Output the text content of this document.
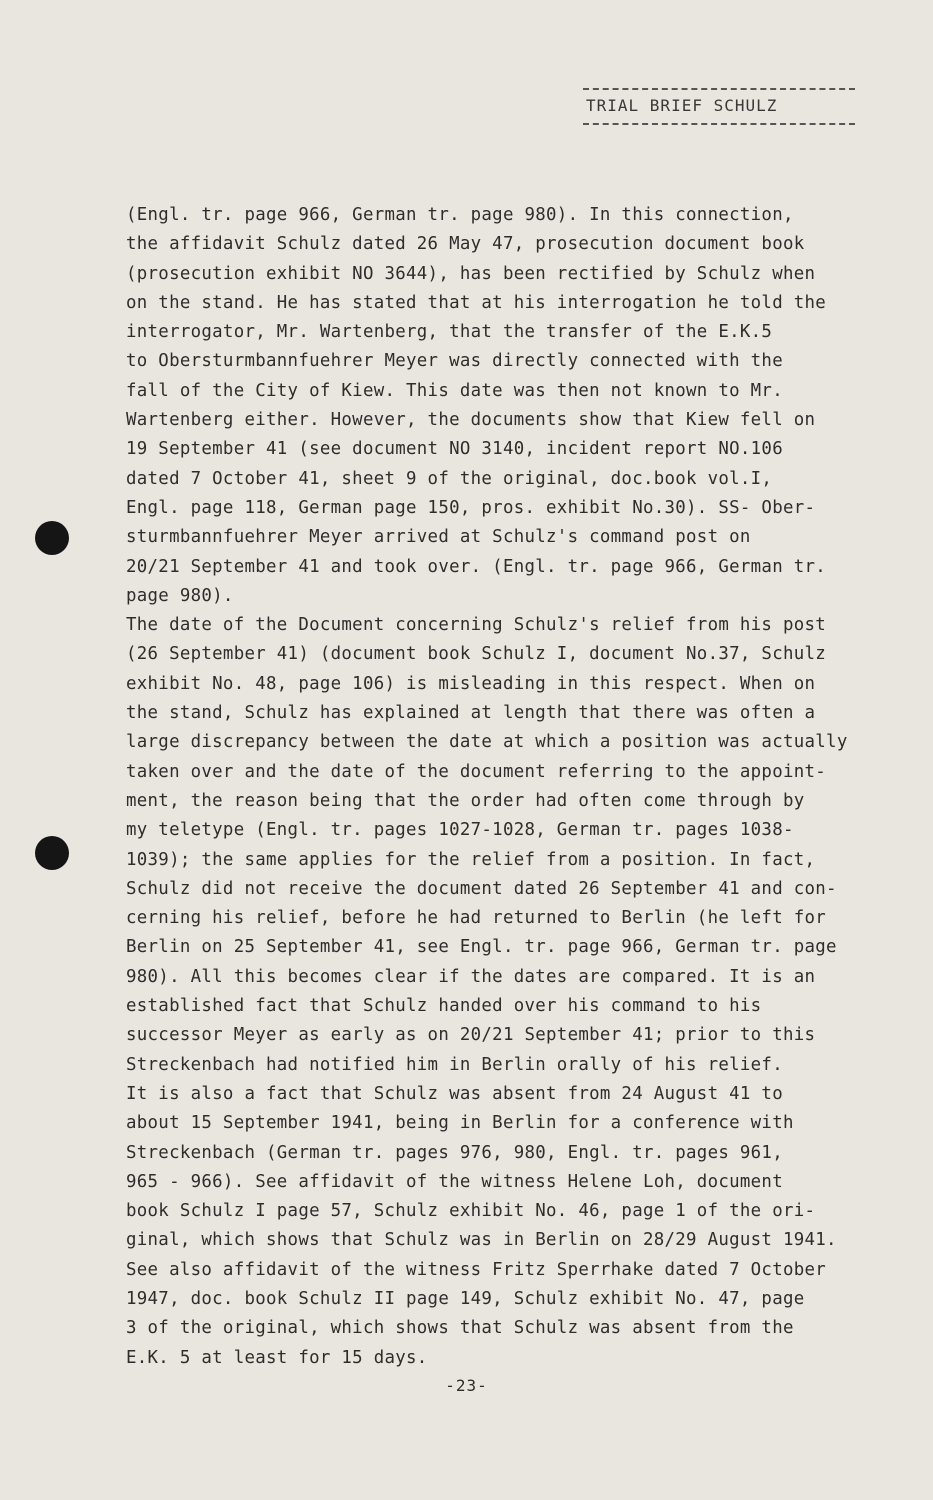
TRIAL BRIEF SCHULZ
(Engl. tr. page 966, German tr. page 980). In this connection,
the affidavit Schulz dated 26 May 47, prosecution document book
(prosecution exhibit NO 3644), has been rectified by Schulz when
on the stand. He has stated that at his interrogation he told the
interrogator, Mr. Wartenberg, that the transfer of the E.K.5
to Obersturmbannfuehrer Meyer was directly connected with the
fall of the City of Kiew. This date was then not known to Mr.
Wartenberg either. However, the documents show that Kiew fell on
19 September 41 (see document NO 3140, incident report NO.106
dated 7 October 41, sheet 9 of the original, doc.book vol.I,
Engl. page 118, German page 150, pros. exhibit No.30). SS- Ober-
sturmbannfuehrer Meyer arrived at Schulz's command post on
20/21 September 41 and took over. (Engl. tr. page 966, German tr.
page 980).
The date of the Document concerning Schulz's relief from his post
(26 September 41) (document book Schulz I, document No.37, Schulz
exhibit No. 48, page 106) is misleading in this respect. When on
the stand, Schulz has explained at length that there was often a
large discrepancy between the date at which a position was actually
taken over and the date of the document referring to the appoint-
ment, the reason being that the order had often come through by
my teletype (Engl. tr. pages 1027-1028, German tr. pages 1038-
1039); the same applies for the relief from a position. In fact,
Schulz did not receive the document dated 26 September 41 and con-
cerning his relief, before he had returned to Berlin (he left for
Berlin on 25 September 41, see Engl. tr. page 966, German tr. page
980). All this becomes clear if the dates are compared. It is an
established fact that Schulz handed over his command to his
successor Meyer as early as on 20/21 September 41; prior to this
Streckenbach had notified him in Berlin orally of his relief.
It is also a fact that Schulz was absent from 24 August 41 to
about 15 September 1941, being in Berlin for a conference with
Streckenbach (German tr. pages 976, 980, Engl. tr. pages 961,
965 - 966). See affidavit of the witness Helene Loh, document
book Schulz I page 57, Schulz exhibit No. 46, page 1 of the ori-
ginal, which shows that Schulz was in Berlin on 28/29 August 1941.
See also affidavit of the witness Fritz Sperrhake dated 7 October
1947, doc. book Schulz II page 149, Schulz exhibit No. 47, page
3 of the original, which shows that Schulz was absent from the
E.K. 5 at least for 15 days.
-23-
